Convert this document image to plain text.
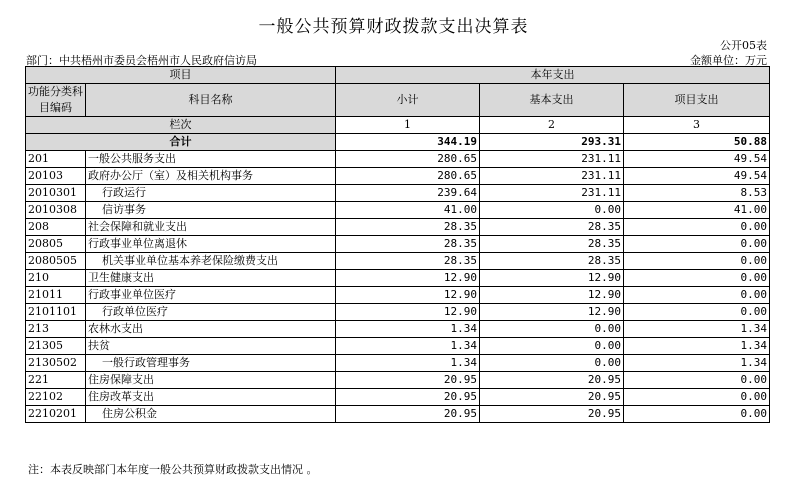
一般公共预算财政拨款支出决算表
公开05表
部门：中共梧州市委员会梧州市人民政府信访局	金额单位：万元
项目		本年支出		
功能分类科目编码	科目名称	小计	基本支出	项目支出
栏次		1	2	3
合计		344.19	293.31	50.88
201	一般公共服务支出	280.65	231.11	49.54
20103	政府办公厅（室）及相关机构事务	280.65	231.11	49.54
2010301	行政运行	239.64	231.11	8.53
2010308	信访事务	41.00	0.00	41.00
208	社会保障和就业支出	28.35	28.35	0.00
20805	行政事业单位离退休	28.35	28.35	0.00
2080505	机关事业单位基本养老保险缴费支出	28.35	28.35	0.00
210	卫生健康支出	12.90	12.90	0.00
21011	行政事业单位医疗	12.90	12.90	0.00
2101101	行政单位医疗	12.90	12.90	0.00
213	农林水支出	1.34	0.00	1.34
21305	扶贫	1.34	0.00	1.34
2130502	一般行政管理事务	1.34	0.00	1.34
221	住房保障支出	20.95	20.95	0.00
22102	住房改革支出	20.95	20.95	0.00
2210201	住房公积金	20.95	20.95	0.00
注：本表反映部门本年度一般公共预算财政拨款支出情况 。
